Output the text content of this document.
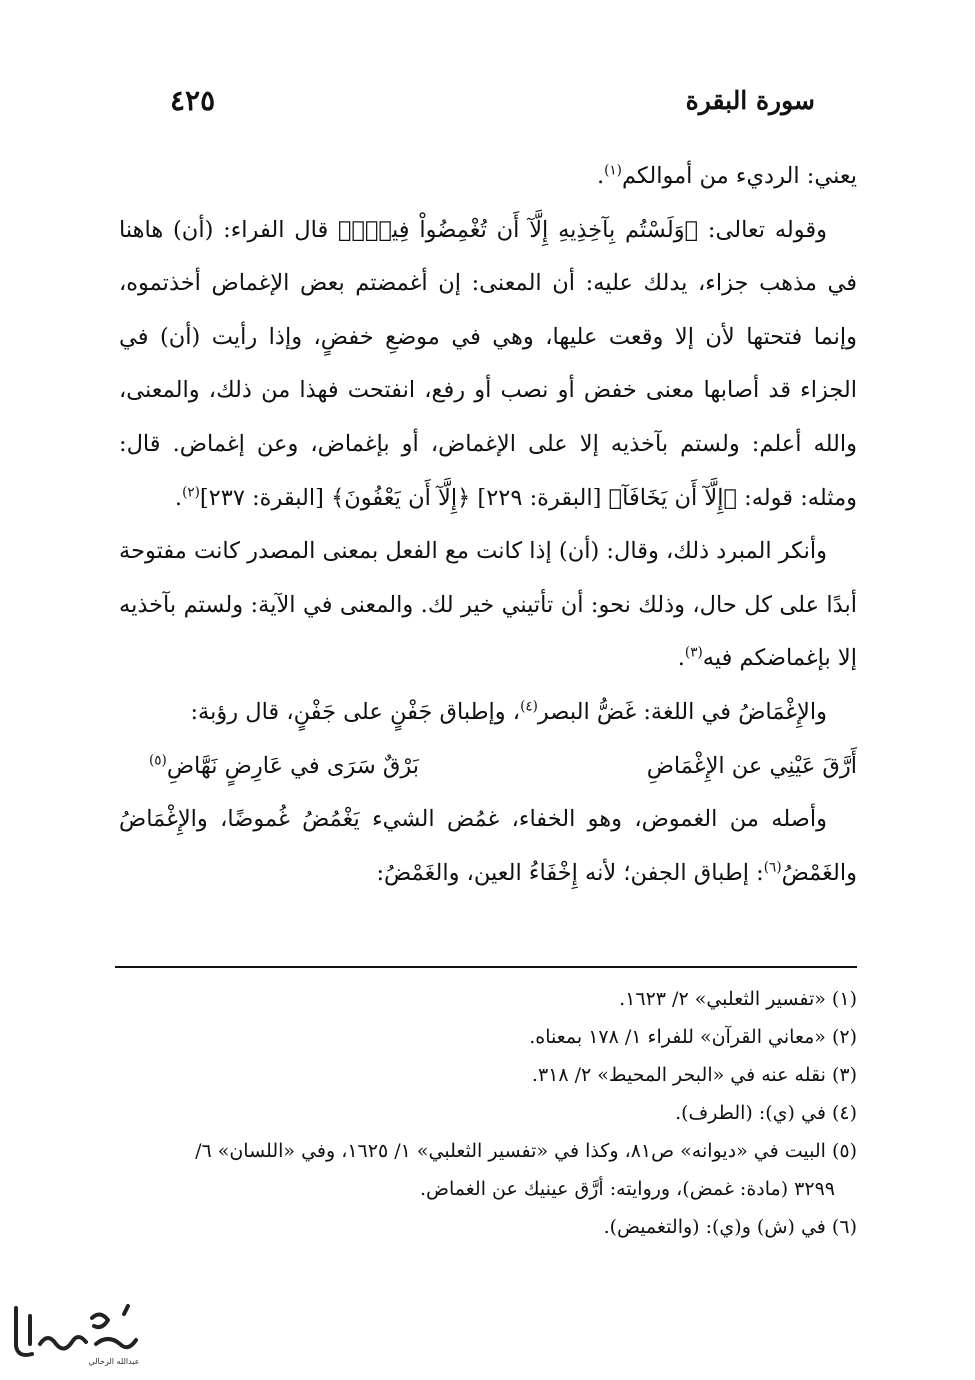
سورة البقرة
٤٢٥

يعني: الرديء من أموالكم$^{(١)}$.

وقوله تعالى: ﴿وَلَسْتُم بِآخِذِيهِ إِلَّآ أَن تُغْمِضُواْ فِيهِۚ﴾ قال الفراء: (أن) هاهنا في مذهب جزاء، يدلك عليه: أن المعنى: إن أغمضتم بعض الإغماض أخذتموه، وإنما فتحتها لأن إلا وقعت عليها، وهي في موضعِ خفضٍ، وإذا رأيت (أن) في الجزاء قد أصابها معنى خفض أو نصب أو رفع، انفتحت فهذا من ذلك، والمعنى، والله أعلم: ولستم بآخذيه إلا على الإغماض، أو بإغماض، وعن إغماض. قال: ومثله: قوله: ﴿إِلَّآ أَن يَخَافَآ﴾ [البقرة: ٢٢٩] ﴿إِلَّآ أَن يَعْفُونَ﴾ [البقرة: ٢٣٧]$^{(٢)}$.

وأنكر المبرد ذلك، وقال: (أن) إذا كانت مع الفعل بمعنى المصدر كانت مفتوحة أبدًا على كل حال، وذلك نحو: أن تأتيني خير لك. والمعنى في الآية: ولستم بآخذيه إلا بإغماضكم فيه$^{(٣)}$.

والإِغْمَاضُ في اللغة: غَضُّ البصر$^{(٤)}$، وإطباق جَفْنٍ على جَفْنٍ، قال رؤبة:

أَرَّقَ عَيْنِي عن الإِغْمَاضِ
بَرْقٌ سَرَى في عَارِضٍ نَهَّاضِ$^{(٥)}$

وأصله من الغموض، وهو الخفاء، غمُض الشيء يَغْمُضُ غُموضًا، والإِغْمَاضُ والغَمْضُ$^{(٦)}$: إطباق الجفن؛ لأنه إِخْفَاءُ العين، والغَمْضُ:

(١) «تفسير الثعلبي» ٢/ ١٦٢٣.
(٢) «معاني القرآن» للفراء ١/ ١٧٨ بمعناه.
(٣) نقله عنه في «البحر المحيط» ٢/ ٣١٨.
(٤) في (ي): (الطرف).
(٥) البيت في «ديوانه» ص٨١، وكذا في «تفسير الثعلبي» ١/ ١٦٢٥، وفي «اللسان» ٦/
٣٢٩٩ (مادة: غمض)، وروايته: أرَّق عينيك عن الغماض.
(٦) في (ش) و(ي): (والتغميض).
عبدالله الرحالي
